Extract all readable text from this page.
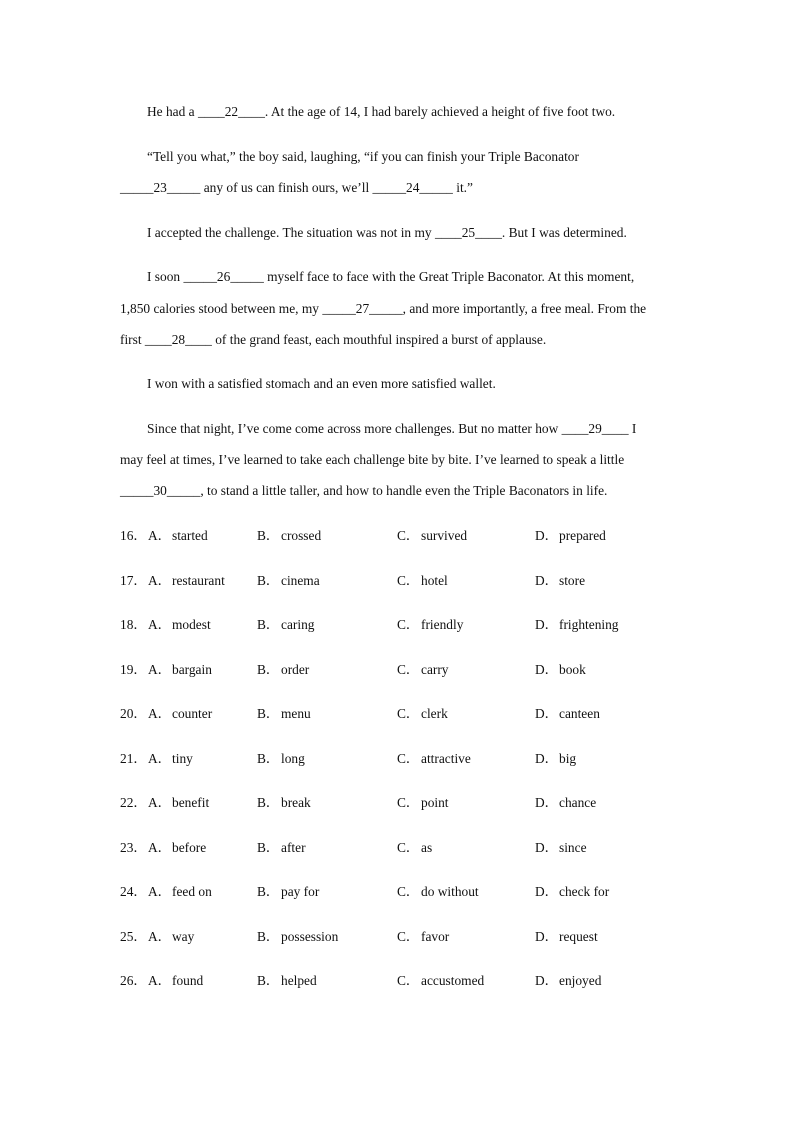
He had a ____22____. At the age of 14, I had barely achieved a height of five foot two.
“Tell you what,” the boy said, laughing, “if you can finish your Triple Baconator
_____23_____ any of us can finish ours, we’ll _____24_____ it.”
I accepted the challenge. The situation was not in my ____25____. But I was determined.
I soon _____26_____ myself face to face with the Great Triple Baconator. At this moment,
1,850 calories stood between me, my _____27_____, and more importantly, a free meal. From the
first ____28____ of the grand feast, each mouthful inspired a burst of applause.
I won with a satisfied stomach and an even more satisfied wallet.
Since that night, I’ve come come across more challenges. But no matter how ____29____ I
may feel at times, I’ve learned to take each challenge bite by bite. I’ve learned to speak a little
_____30_____, to stand a little taller, and how to handle even the Triple Baconators in life.
16． A．started	B． crossed	C． survived	D．prepared
17． A．restaurant B． cinema	C． hotel	D．store
18． A．modest	B． caring	C． friendly	D．frightening
19． A．bargain	B． order	C． carry	D．book
20． A．counter	B． menu	C． clerk	D．canteen
21． A．tiny	B． long	C． attractive	D．big
22． A．benefit	B． break	C． point	D．chance
23． A．before	B． after	C． as	D．since
24． A．feed on	B． pay for	C． do without	D．check for
25． A．way	B． possession	C． favor	D．request
26． A．found	B． helped	C． accustomed	D．enjoyed
